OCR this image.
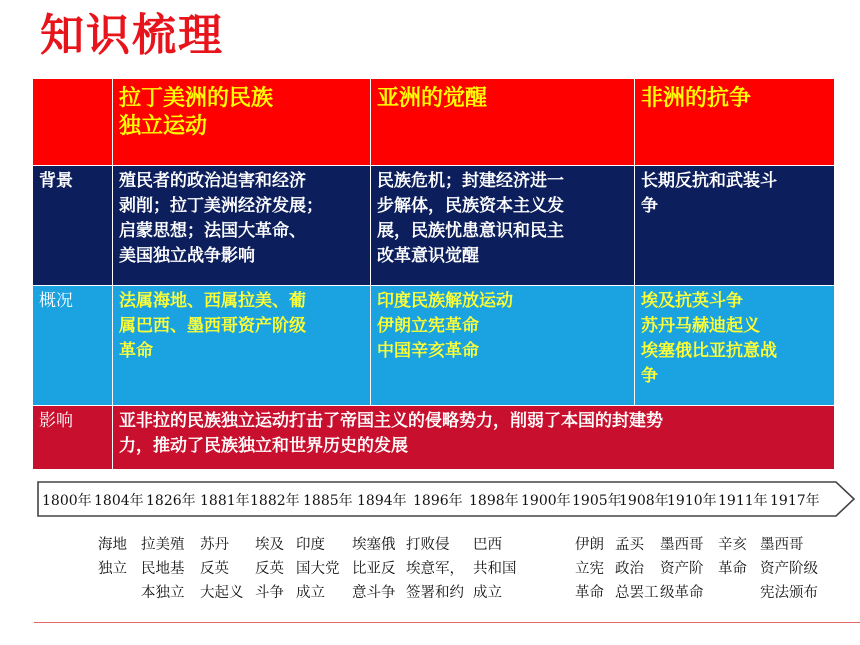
知识梳理

	拉丁美洲的民族
独立运动	亚洲的觉醒	非洲的抗争
背景	殖民者的政治迫害和经济
剥削；拉丁美洲经济发展；
启蒙思想；法国大革命、
美国独立战争影响	民族危机；封建经济进一
步解体，民族资本主义发
展，民族忧患意识和民主
改革意识觉醒	长期反抗和武装斗
争

概况	法属海地、西属拉美、葡
属巴西、墨西哥资产阶级
革命	印度民族解放运动
伊朗立宪革命
中国辛亥革命	埃及抗英斗争
苏丹马赫迪起义
埃塞俄比亚抗意战
争

影响	亚非拉的民族独立运动打击了帝国主义的侵略势力，削弱了本国的封建势
力，推动了民族独立和世界历史的发展		
1800年 1804年 1826年 1881年 1882年 1885年 1894年 1896年 1898年 1900年 1905年
1908年
1910年 1911年 1917年
海地
独立
拉美殖
民地基
本独立
苏丹
反英
大起义
埃及
反英
斗争
印度
国大党
成立
埃塞俄
比亚反
意斗争
打败侵
埃意军，
签署和约
巴西
共和国
成立
伊朗
立宪
革命
孟买
政治
总罢工
墨西哥
资产阶
级革命
辛亥
革命
墨西哥
资产阶级
宪法颁布
